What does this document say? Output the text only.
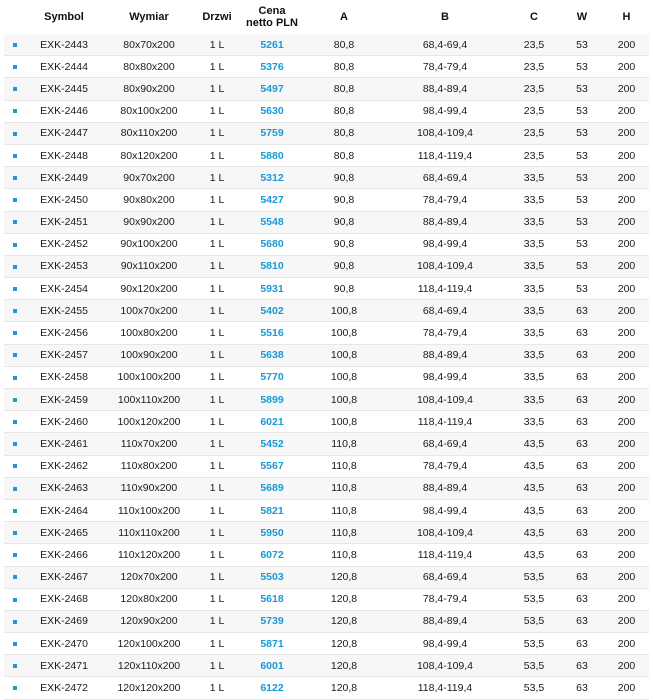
	Symbol	Wymiar	Drzwi	Cena netto PLN	A	B	C	W	H
	EXK-2443	80x70x200	1 L	5261	80,8	68,4-69,4	23,5	53	200
	EXK-2444	80x80x200	1 L	5376	80,8	78,4-79,4	23,5	53	200
	EXK-2445	80x90x200	1 L	5497	80,8	88,4-89,4	23,5	53	200
	EXK-2446	80x100x200	1 L	5630	80,8	98,4-99,4	23,5	53	200
	EXK-2447	80x110x200	1 L	5759	80,8	108,4-109,4	23,5	53	200
	EXK-2448	80x120x200	1 L	5880	80,8	118,4-119,4	23,5	53	200
	EXK-2449	90x70x200	1 L	5312	90,8	68,4-69,4	33,5	53	200
	EXK-2450	90x80x200	1 L	5427	90,8	78,4-79,4	33,5	53	200
	EXK-2451	90x90x200	1 L	5548	90,8	88,4-89,4	33,5	53	200
	EXK-2452	90x100x200	1 L	5680	90,8	98,4-99,4	33,5	53	200
	EXK-2453	90x110x200	1 L	5810	90,8	108,4-109,4	33,5	53	200
	EXK-2454	90x120x200	1 L	5931	90,8	118,4-119,4	33,5	53	200
	EXK-2455	100x70x200	1 L	5402	100,8	68,4-69,4	33,5	63	200
	EXK-2456	100x80x200	1 L	5516	100,8	78,4-79,4	33,5	63	200
	EXK-2457	100x90x200	1 L	5638	100,8	88,4-89,4	33,5	63	200
	EXK-2458	100x100x200	1 L	5770	100,8	98,4-99,4	33,5	63	200
	EXK-2459	100x110x200	1 L	5899	100,8	108,4-109,4	33,5	63	200
	EXK-2460	100x120x200	1 L	6021	100,8	118,4-119,4	33,5	63	200
	EXK-2461	110x70x200	1 L	5452	110,8	68,4-69,4	43,5	63	200
	EXK-2462	110x80x200	1 L	5567	110,8	78,4-79,4	43,5	63	200
	EXK-2463	110x90x200	1 L	5689	110,8	88,4-89,4	43,5	63	200
	EXK-2464	110x100x200	1 L	5821	110,8	98,4-99,4	43,5	63	200
	EXK-2465	110x110x200	1 L	5950	110,8	108,4-109,4	43,5	63	200
	EXK-2466	110x120x200	1 L	6072	110,8	118,4-119,4	43,5	63	200
	EXK-2467	120x70x200	1 L	5503	120,8	68,4-69,4	53,5	63	200
	EXK-2468	120x80x200	1 L	5618	120,8	78,4-79,4	53,5	63	200
	EXK-2469	120x90x200	1 L	5739	120,8	88,4-89,4	53,5	63	200
	EXK-2470	120x100x200	1 L	5871	120,8	98,4-99,4	53,5	63	200
	EXK-2471	120x110x200	1 L	6001	120,8	108,4-109,4	53,5	63	200
	EXK-2472	120x120x200	1 L	6122	120,8	118,4-119,4	53,5	63	200
